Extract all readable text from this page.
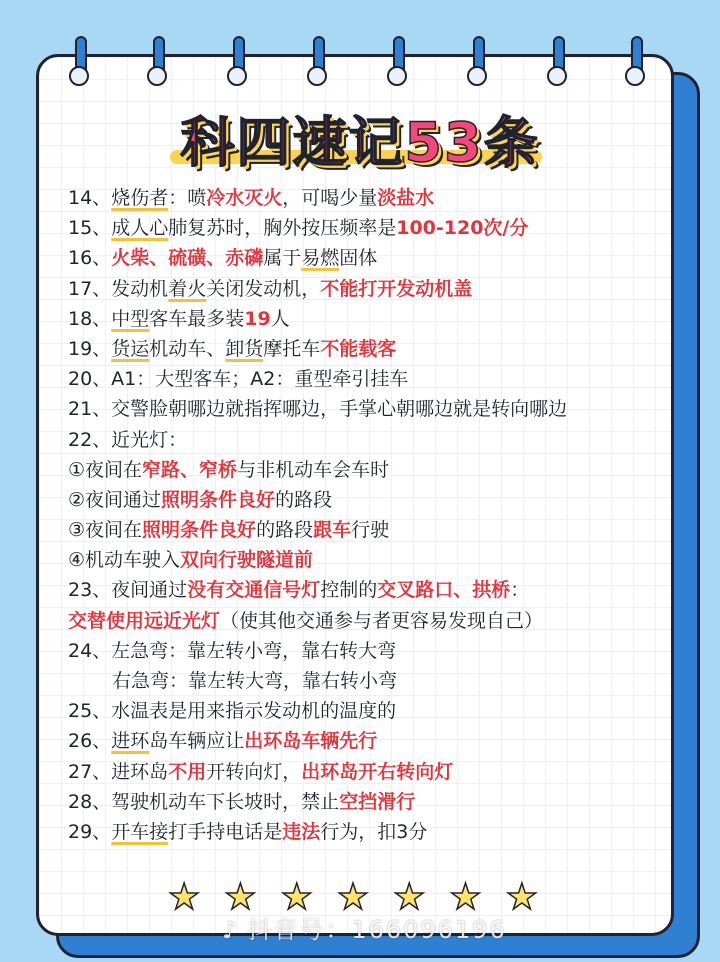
科四速记53条
14、烧伤者：喷冷水灭火，可喝少量淡盐水
15、成人心肺复苏时，胸外按压频率是100-120次/分
16、火柴、硫磺、赤磷属于易燃固体
17、发动机着火关闭发动机，不能打开发动机盖
18、中型客车最多装19人
19、货运机动车、卸货摩托车不能载客
20、A1：大型客车；A2：重型牵引挂车
21、交警脸朝哪边就指挥哪边，手掌心朝哪边就是转向哪边
22、近光灯：
①夜间在窄路、窄桥与非机动车会车时
②夜间通过照明条件良好的路段
③夜间在照明条件良好的路段跟车行驶
④机动车驶入双向行驶隧道前
23、夜间通过没有交通信号灯控制的交叉路口、拱桥：
交替使用远近光灯（使其他交通参与者更容易发现自己）
24、左急弯：靠左转小弯，靠右转大弯
右急弯：靠左转大弯，靠右转小弯
25、水温表是用来指示发动机的温度的
26、进环岛车辆应让出环岛车辆先行
27、进环岛不用开转向灯，出环岛开右转向灯
28、驾驶机动车下长坡时，禁止空挡滑行
29、开车接打手持电话是违法行为，扣3分
★ ★ ★ ★ ★ ★ ★
♪ 抖音号：166096196
